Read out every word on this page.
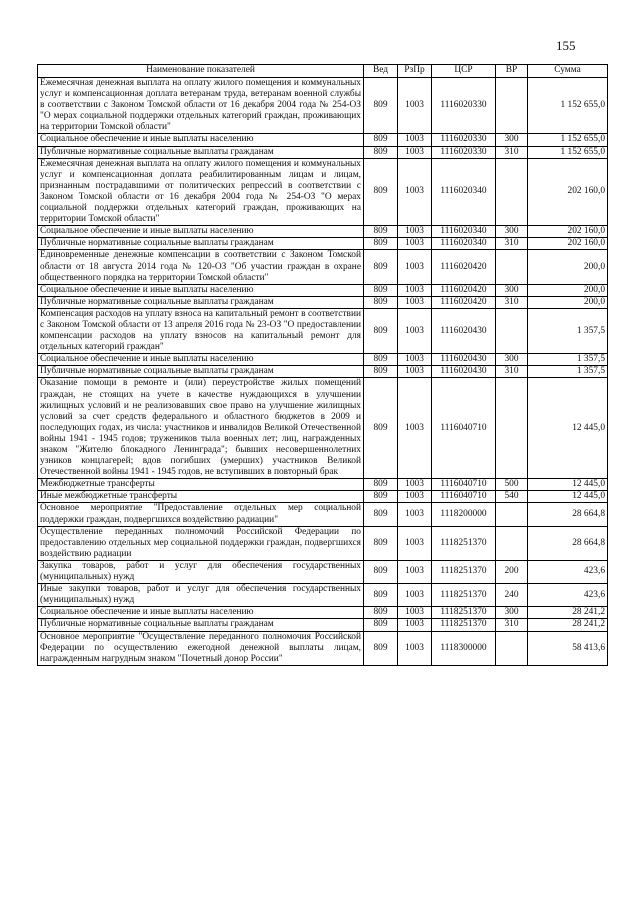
155
Наименование показателей	Вед	РзПр	ЦСР	ВР	Сумма
Ежемесячная денежная выплата на оплату жилого помещения и коммунальных услуг и компенсационная доплата ветеранам труда, ветеранам военной службы в соответствии с Законом Томской области от 16 декабря 2004 года № 254-ОЗ "О мерах социальной поддержки отдельных категорий граждан, проживающих на территории Томской области"	809	1003	1116020330		1 152 655,0
Социальное обеспечение и иные выплаты населению	809	1003	1116020330	300	1 152 655,0
Публичные нормативные социальные выплаты гражданам	809	1003	1116020330	310	1 152 655,0
Ежемесячная денежная выплата на оплату жилого помещения и коммунальных услуг и компенсационная доплата реабилитированным лицам и лицам, признанным пострадавшими от политических репрессий в соответствии с Законом Томской области от 16 декабря 2004 года № 254-ОЗ "О мерах социальной поддержки отдельных категорий граждан, проживающих на территории Томской области"	809	1003	1116020340		202 160,0
Социальное обеспечение и иные выплаты населению	809	1003	1116020340	300	202 160,0
Публичные нормативные социальные выплаты гражданам	809	1003	1116020340	310	202 160,0
Единовременные денежные компенсации в соответствии с Законом Томской области от 18 августа 2014 года № 120-ОЗ "Об участии граждан в охране общественного порядка на территории Томской области"	809	1003	1116020420		200,0
Социальное обеспечение и иные выплаты населению	809	1003	1116020420	300	200,0
Публичные нормативные социальные выплаты гражданам	809	1003	1116020420	310	200,0
Компенсация расходов на уплату взноса на капитальный ремонт в соответствии с Законом Томской области от 13 апреля 2016 года № 23-ОЗ "О предоставлении компенсации расходов на уплату взносов на капитальный ремонт для отдельных категорий граждан"	809	1003	1116020430		1 357,5
Социальное обеспечение и иные выплаты населению	809	1003	1116020430	300	1 357,5
Публичные нормативные социальные выплаты гражданам	809	1003	1116020430	310	1 357,5
Оказание помощи в ремонте и (или) переустройстве жилых помещений граждан, не стоящих на учете в качестве нуждающихся в улучшении жилищных условий и не реализовавших свое право на улучшение жилищных условий за счет средств федерального и областного бюджетов в 2009 и последующих годах, из числа: участников и инвалидов Великой Отечественной войны 1941 - 1945 годов; тружеников тыла военных лет; лиц, награжденных знаком "Жителю блокадного Ленинграда"; бывших несовершеннолетних узников концлагерей; вдов погибших (умерших) участников Великой Отечественной войны 1941 - 1945 годов, не вступивших в повторный брак	809	1003	1116040710		12 445,0
Межбюджетные трансферты	809	1003	1116040710	500	12 445,0
Иные межбюджетные трансферты	809	1003	1116040710	540	12 445,0
Основное мероприятие "Предоставление отдельных мер социальной поддержки граждан, подвергшихся воздействию радиации"	809	1003	1118200000		28 664,8
Осуществление переданных полномочий Российской Федерации по предоставлению отдельных мер социальной поддержки граждан, подвергшихся воздействию радиации	809	1003	1118251370		28 664,8
Закупка товаров, работ и услуг для обеспечения государственных (муниципальных) нужд	809	1003	1118251370	200	423,6
Иные закупки товаров, работ и услуг для обеспечения государственных (муниципальных) нужд	809	1003	1118251370	240	423,6
Социальное обеспечение и иные выплаты населению	809	1003	1118251370	300	28 241,2
Публичные нормативные социальные выплаты гражданам	809	1003	1118251370	310	28 241,2
Основное мероприятие "Осуществление переданного полномочия Российской Федерации по осуществлению ежегодной денежной выплаты лицам, награжденным нагрудным знаком "Почетный донор России"	809	1003	1118300000		58 413,6
